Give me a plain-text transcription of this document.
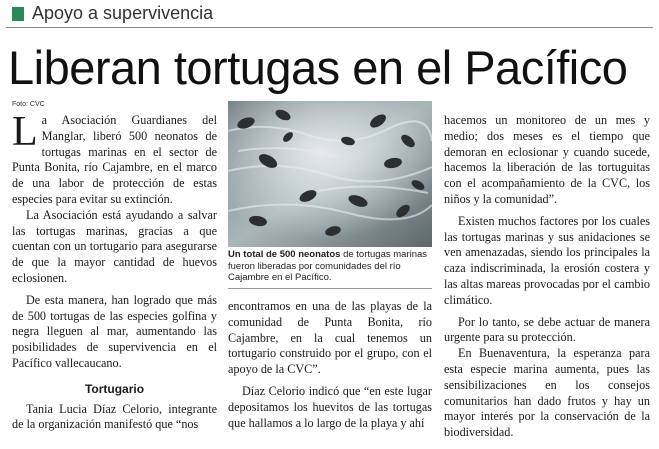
Apoyo a supervivencia
Liberan tortugas en el Pacífico
Foto: CVC

La Asociación Guardianes del Manglar, liberó 500 neonatos de tortugas marinas en el sector de Punta Bonita, río Cajambre, en el marco de una labor de protección de estas especies para evitar su extinción.

La Asociación está ayudando a salvar las tortugas marinas, gracias a que cuentan con un tortugario para asegurarse de que la mayor cantidad de huevos eclosionen.

De esta manera, han logrado que más de 500 tortugas de las especies golfina y negra lleguen al mar, aumentando las posibilidades de supervivencia en el Pacífico vallecaucano.

Tortugario

Tania Lucia Díaz Celorio, integrante de la organización manifestó que “nos

Un total de 500 neonatos de tortugas marinas fueron liberadas por comunidades del río Cajambre en el Pacífico.

encontramos en una de las playas de la comunidad de Punta Bonita, río Cajambre, en la cual tenemos un tortugario construido por el grupo, con el apoyo de la CVC”.

Díaz Celorio indicó que “en este lugar depositamos los huevitos de las tortugas que hallamos a lo largo de la playa y ahí

hacemos un monitoreo de un mes y medio; dos meses es el tiempo que demoran en eclosionar y cuando sucede, hacemos la liberación de las tortuguitas con el acompañamiento de la CVC, los niños y la comunidad”.

Existen muchos factores por los cuales las tortugas marinas y sus anidaciones se ven amenazadas, siendo los principales la caza indiscriminada, la erosión costera y las altas mareas provocadas por el cambio climático.

Por lo tanto, se debe actuar de manera urgente para su protección.

En Buenaventura, la esperanza para esta especie marina aumenta, pues las sensibilizaciones en los consejos comunitarios han dado frutos y hay un mayor interés por la conservación de la biodiversidad.
